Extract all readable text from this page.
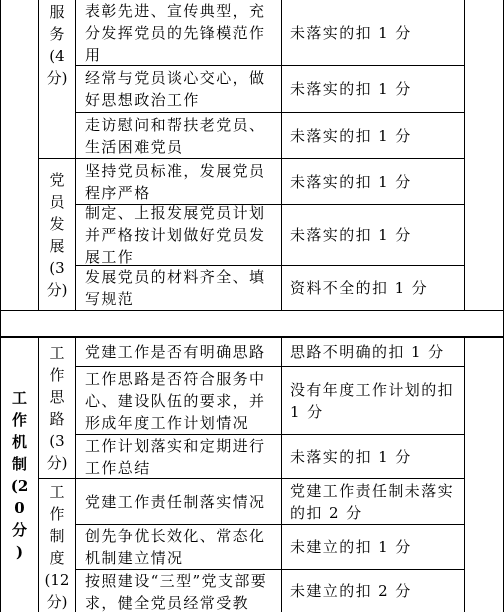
工
作
机
制
(2
0
分
)
服
务
(4
分)
党
员
发
展
(3
分)
工
作
思
路
(3
分)
工
作
制
度
(12
分)
表彰先进、宣传典型，充分发挥党员的先锋模范作用
未落实的扣 1 分
经常与党员谈心交心，做好思想政治工作
未落实的扣 1 分
走访慰问和帮扶老党员、生活困难党员
未落实的扣 1 分
坚持党员标准，发展党员程序严格
未落实的扣 1 分
制定、上报发展党员计划并严格按计划做好党员发展工作
未落实的扣 1 分
发展党员的材料齐全、填写规范
资料不全的扣 1 分
党建工作是否有明确思路	思路不明确的扣 1 分
工作思路是否符合服务中心、建设队伍的要求，并形成年度工作计划情况
没有年度工作计划的扣 1 分
工作计划落实和定期进行工作总结
未落实的扣 1 分
党建工作责任制落实情况
党建工作责任制未落实的扣 2 分
创先争优长效化、常态化机制建立情况
未建立的扣 1 分
按照建设“三型”党支部要求，健全党员经常受教
未建立的扣 2 分
